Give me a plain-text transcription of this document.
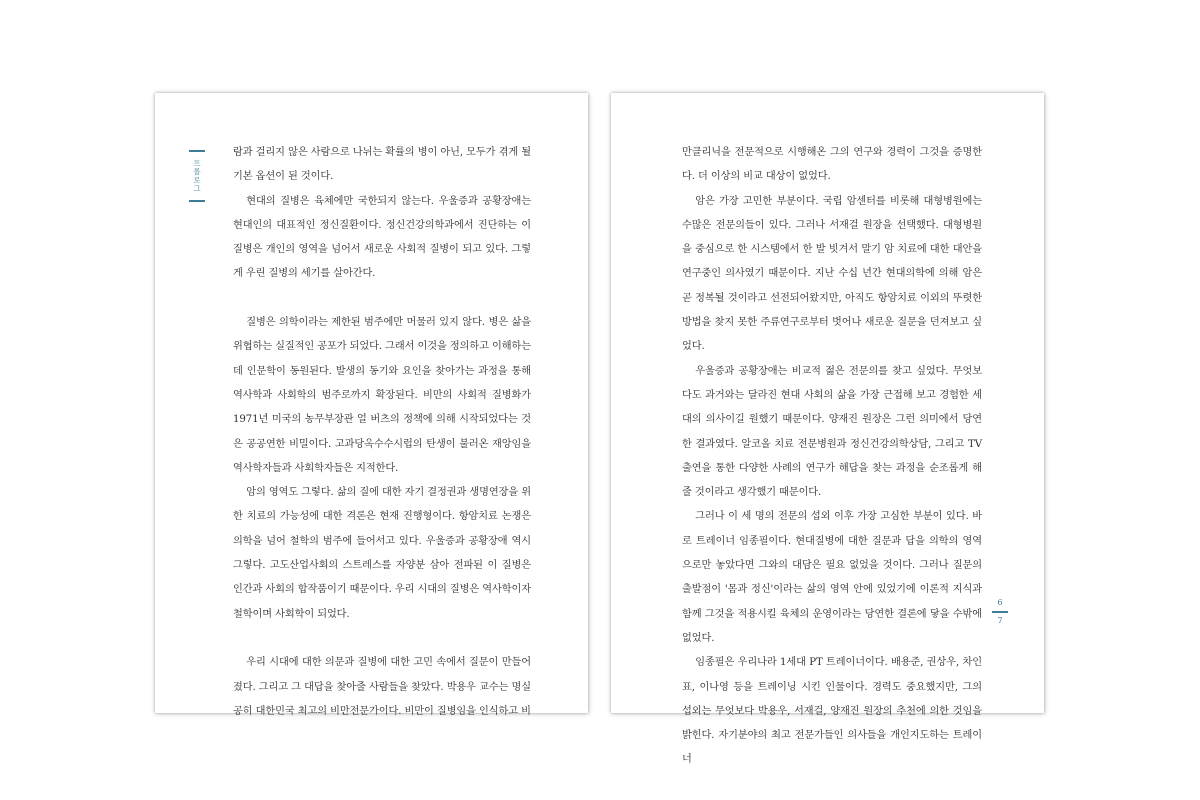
프롤로그

람과 걸리지 않은 사람으로 나뉘는 확률의 병이 아닌, 모두가 겪게 될 기본 옵션이 된 것이다.

현대의 질병은 육체에만 국한되지 않는다. 우울증과 공황장애는 현대인의 대표적인 정신질환이다. 정신건강의학과에서 진단하는 이 질병은 개인의 영역을 넘어서 새로운 사회적 질병이 되고 있다. 그렇게 우린 질병의 세기를 살아간다.

질병은 의학이라는 제한된 범주에만 머물러 있지 않다. 병은 삶을 위협하는 실질적인 공포가 되었다. 그래서 이것을 정의하고 이해하는데 인문학이 동원된다. 발생의 동기와 요인을 찾아가는 과정을 통해 역사학과 사회학의 범주로까지 확장된다. 비만의 사회적 질병화가 1971년 미국의 농무부장관 얼 버츠의 정책에 의해 시작되었다는 것은 공공연한 비밀이다. 고과당옥수수시럽의 탄생이 불러온 재앙임을 역사학자들과 사회학자들은 지적한다.

암의 영역도 그렇다. 삶의 질에 대한 자기 결정권과 생명연장을 위한 치료의 가능성에 대한 격론은 현재 진행형이다. 항암치료 논쟁은 의학을 넘어 철학의 범주에 들어서고 있다. 우울증과 공황장애 역시 그렇다. 고도산업사회의 스트레스를 자양분 삼아 전파된 이 질병은 인간과 사회의 합작품이기 때문이다. 우리 시대의 질병은 역사학이자 철학이며 사회학이 되었다.

우리 시대에 대한 의문과 질병에 대한 고민 속에서 질문이 만들어졌다. 그리고 그 대답을 찾아줄 사람들을 찾았다. 박용우 교수는 명실공히 대한민국 최고의 비만전문가이다. 비만이 질병임을 인식하고 비

만클리닉을 전문적으로 시행해온 그의 연구와 경력이 그것을 증명한다. 더 이상의 비교 대상이 없었다.

암은 가장 고민한 부분이다. 국립 암센터를 비롯해 대형병원에는 수많은 전문의들이 있다. 그러나 서재걸 원장을 선택했다. 대형병원을 중심으로 한 시스템에서 한 발 빗겨서 말기 암 치료에 대한 대안을 연구중인 의사였기 때문이다. 지난 수십 년간 현대의학에 의해 암은 곧 정복될 것이라고 선전되어왔지만, 아직도 항암치료 이외의 뚜렷한 방법을 찾지 못한 주류연구로부터 벗어나 새로운 질문을 던져보고 싶었다.

우울증과 공황장애는 비교적 젊은 전문의를 찾고 싶었다. 무엇보다도 과거와는 달라진 현대 사회의 삶을 가장 근접해 보고 경험한 세대의 의사이길 원했기 때문이다. 양재진 원장은 그런 의미에서 당연한 결과였다. 알코올 치료 전문병원과 정신건강의학상담, 그리고 TV 출연을 통한 다양한 사례의 연구가 해답을 찾는 과정을 순조롭게 해줄 것이라고 생각했기 때문이다.

그러나 이 세 명의 전문의 섭외 이후 가장 고심한 부분이 있다. 바로 트레이너 임종필이다. 현대질병에 대한 질문과 답을 의학의 영역으로만 놓았다면 그와의 대담은 필요 없었을 것이다. 그러나 질문의 출발점이 '몸과 정신'이라는 삶의 영역 안에 있었기에 이론적 지식과 함께 그것을 적용시킬 육체의 운영이라는 당연한 결론에 닿을 수밖에 없었다.

임종필은 우리나라 1세대 PT 트레이너이다. 배용준, 권상우, 차인표, 이나영 등을 트레이닝 시킨 인물이다. 경력도 중요했지만, 그의 섭외는 무엇보다 박용우, 서재걸, 양재진 원장의 추천에 의한 것임을 밝힌다. 자기분야의 최고 전문가들인 의사들을 개인지도하는 트레이너

6
7
